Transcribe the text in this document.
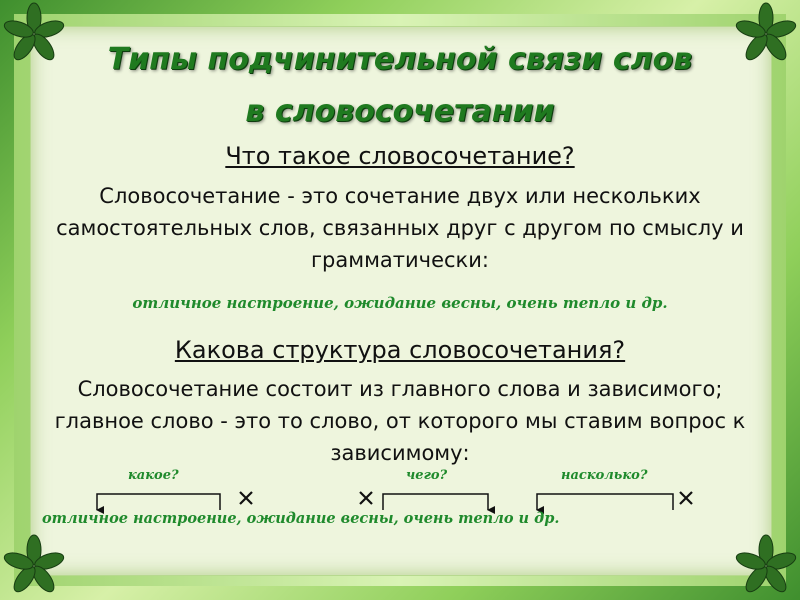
Типы подчинительной связи слов
в словосочетании
Что такое словосочетание?
Словосочетание - это сочетание двух или нескольких
самостоятельных слов, связанных друг с другом по смыслу и
грамматически:
отличное настроение, ожидание весны, очень тепло и др.
Какова структура словосочетания?
Словосочетание состоит из главного слова и зависимого;
главное слово - это то слово, от которого мы ставим вопрос к
зависимому:
какое?	чего?	насколько?
отличное настроение, ожидание весны, очень тепло и др.
